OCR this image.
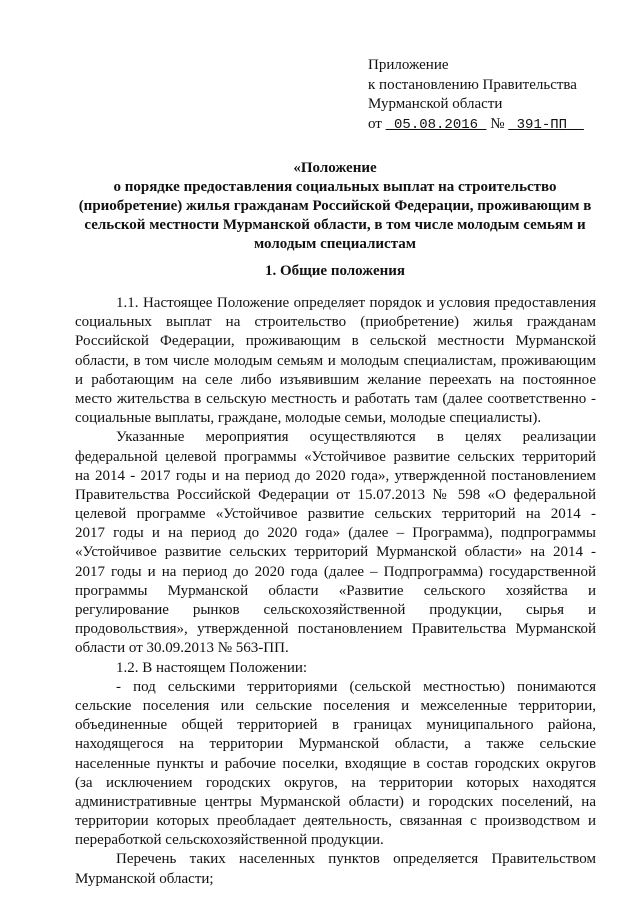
Приложение
к постановлению Правительства
Мурманской области
от 05.08.2016 № 391-ПП
«Положение
о порядке предоставления социальных выплат на строительство
(приобретение) жилья гражданам Российской Федерации, проживающим в
сельской местности Мурманской области, в том числе молодым семьям и
молодым специалистам
1. Общие положения
1.1. Настоящее Положение определяет порядок и условия предоставления
социальных выплат на строительство (приобретение) жилья гражданам
Российской Федерации, проживающим в сельской местности Мурманской
области, в том числе молодым семьям и молодым специалистам, проживающим
и работающим на селе либо изъявившим желание переехать на постоянное
место жительства в сельскую местность и работать там (далее соответственно -
социальные выплаты, граждане, молодые семьи, молодые специалисты).
Указанные мероприятия осуществляются в целях реализации
федеральной целевой программы «Устойчивое развитие сельских территорий
на 2014 - 2017 годы и на период до 2020 года», утвержденной постановлением
Правительства Российской Федерации от 15.07.2013 № 598 «О федеральной
целевой программе «Устойчивое развитие сельских территорий на 2014 -
2017 годы и на период до 2020 года» (далее – Программа), подпрограммы
«Устойчивое развитие сельских территорий Мурманской области» на 2014 -
2017 годы и на период до 2020 года (далее – Подпрограмма) государственной
программы Мурманской области «Развитие сельского хозяйства и
регулирование рынков сельскохозяйственной продукции, сырья и
продовольствия», утвержденной постановлением Правительства Мурманской
области от 30.09.2013 № 563-ПП.
1.2. В настоящем Положении:
- под сельскими территориями (сельской местностью) понимаются
сельские поселения или сельские поселения и межселенные территории,
объединенные общей территорией в границах муниципального района,
находящегося на территории Мурманской области, а также сельские
населенные пункты и рабочие поселки, входящие в состав городских округов
(за исключением городских округов, на территории которых находятся
административные центры Мурманской области) и городских поселений, на
территории которых преобладает деятельность, связанная с производством и
переработкой сельскохозяйственной продукции.
Перечень таких населенных пунктов определяется Правительством
Мурманской области;
